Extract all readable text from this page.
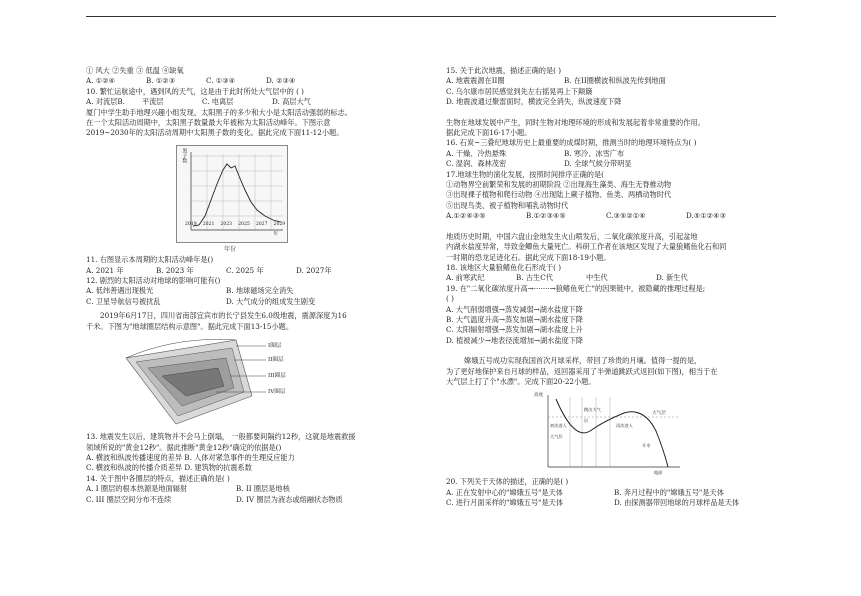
① 风大 ②失重 ③ 低温 ④缺氧
A. ①②④	B. ①②③	C. ①③④	D. ②③④
10. 繁忙运航途中，遇到风的天气，这是由于此时所处大气层中的 ( )
A. 对流层B.	平流层	C. 电离层	D. 高层大气
厦门中学生助手地理兴趣小组发现，太阳黑子的多少和大小是太阳活动强弱的标志。
在一个太阳活动周期中，太阳黑子数量最大年被称为太阳活动峰年。下图示意
2019~2030年的太阳活动周期中太阳黑子数的变化。据此完成下面11-12小题。
黑子数
2019 2021 2023 2025 2027 2029年
年份
11. 右图显示本周期的太阳活动峰年是()
A. 2021 年	B. 2023 年	C. 2025 年	D. 2027年
12. 剧烈的太阳活动对地球的影响可能有()
A. 低纬善遇出现极光	B. 地球磁场完全消失
C. 卫星导航信号被扰乱	D. 大气成分的组成发生剧变
2019年6月17日，四川省南部宜宾市的长宁县发生6.0级地震，震源深度为16
千米。下图为"地球圈层结构示意图"。据此完成下面13-15小题。
I圈层
II圈层
III圈层
IV圈层
13. 地震发生以后，建筑物并不会马上倒塌， 一般都要间隔约12秒，这就是地震救援
领域所说的"黄金12秒"。据此推断"黄金12秒"确定的依据是()
A. 横波和纵波传播速度的差异 B. 人体对紧急事件的生理反应能力
C. 横波和纵波的传播介质差异 D. 建筑物的抗震系数
14. 关于图中各圈层的特点，描述正确的是( )
A. I 圈层的根本热源是地面辐射	B. II 圈层是地核
C. III 圈层空间分布不连续	D. IV 圈层为液态或熔融状态物质
15. 关于此次地震，描述正确的是( )
A. 地震震源在II圈	B. 在II圈横波和纵波先传到地面
C. 乌尔康市居民感觉到先左右摇晃再上下颠簸
D. 地震波通过聚雷面时，横波完全消失，纵波速度下降
生物在地球发展中产生，同时生物对地理环境的形成和发展起着非常重要的作用。
据此完成下面16-17小题。
16. 石炭~三叠纪地球历史上最重要的成煤时期，推测当时的地理环境特点为( )
A. 干燥、冷热悬殊	B. 寒冷、冰雪广布
C. 湿润、森林茂密	D. 全球气候分带明显
17.地球生物的演化发展，按照时间排序正确的是(
①动物界空前繁荣和发展的初期阶段 ②出现海生藻类、海生无脊椎动物
③出现裸子植物和爬行动物 ④出现陆上蕨子植物、鱼类、两栖动物时代
⑤出现鸟类、被子植物和哺乳动物时代
A.①②④③⑤	B.①②③④⑤	C.③⑤②①④	D.⑤①②④③
地质历史时期，中国六盘山金地发生火山喷发后，二氧化碳浓度升高，引起盆地
内湖水盐度异常，导致金鲫鱼大量死亡。科研工作者在该地区发现了大量狼鳍鱼化石和同
一时期的恐龙足迹化石。据此完成下面18-19小题。
18. 该地区大量狼鳍鱼化石形成于( )
A. 前寒武纪	B. 古生C代	中生代	D. 新生代
19. 在"二氧化碳浓度升高→·······→狼鳍鱼死亡"的因果链中，被隐藏的推理过程是;
( )
A. 大气削弱增强→蒸发减弱→湖水盐度下降
B. 大气温度升高→蒸发加剧→湖水盐度下降
C. 太阳辐射增强→蒸发加剧→湖水盐度上升
D. 植被减少→地表径流增加→湖水盐度下降
嫦娥五号成功实现我国首次月球采样，带回了珍贵的月壤。值得一提的是，
为了更好地保护来自月球的样品，返回器采用了半弹道跳跃式返回(如下图)，相当于在
大气层上打了个"水漂"。完成下面20-22小题。
高度
大气层
初次进入大气层
跳出大气层
再次进入
开伞
地面
20. 下列关于天体的描述，正确的是( )
A. 正在发射中心的"嫦娥五号"是天体	B. 奔月过程中的"嫦娥五号"是天体
C. 进行月面采样的"嫦娥五号"是天体	D. 由探测器带回地球的月球样品是天体
